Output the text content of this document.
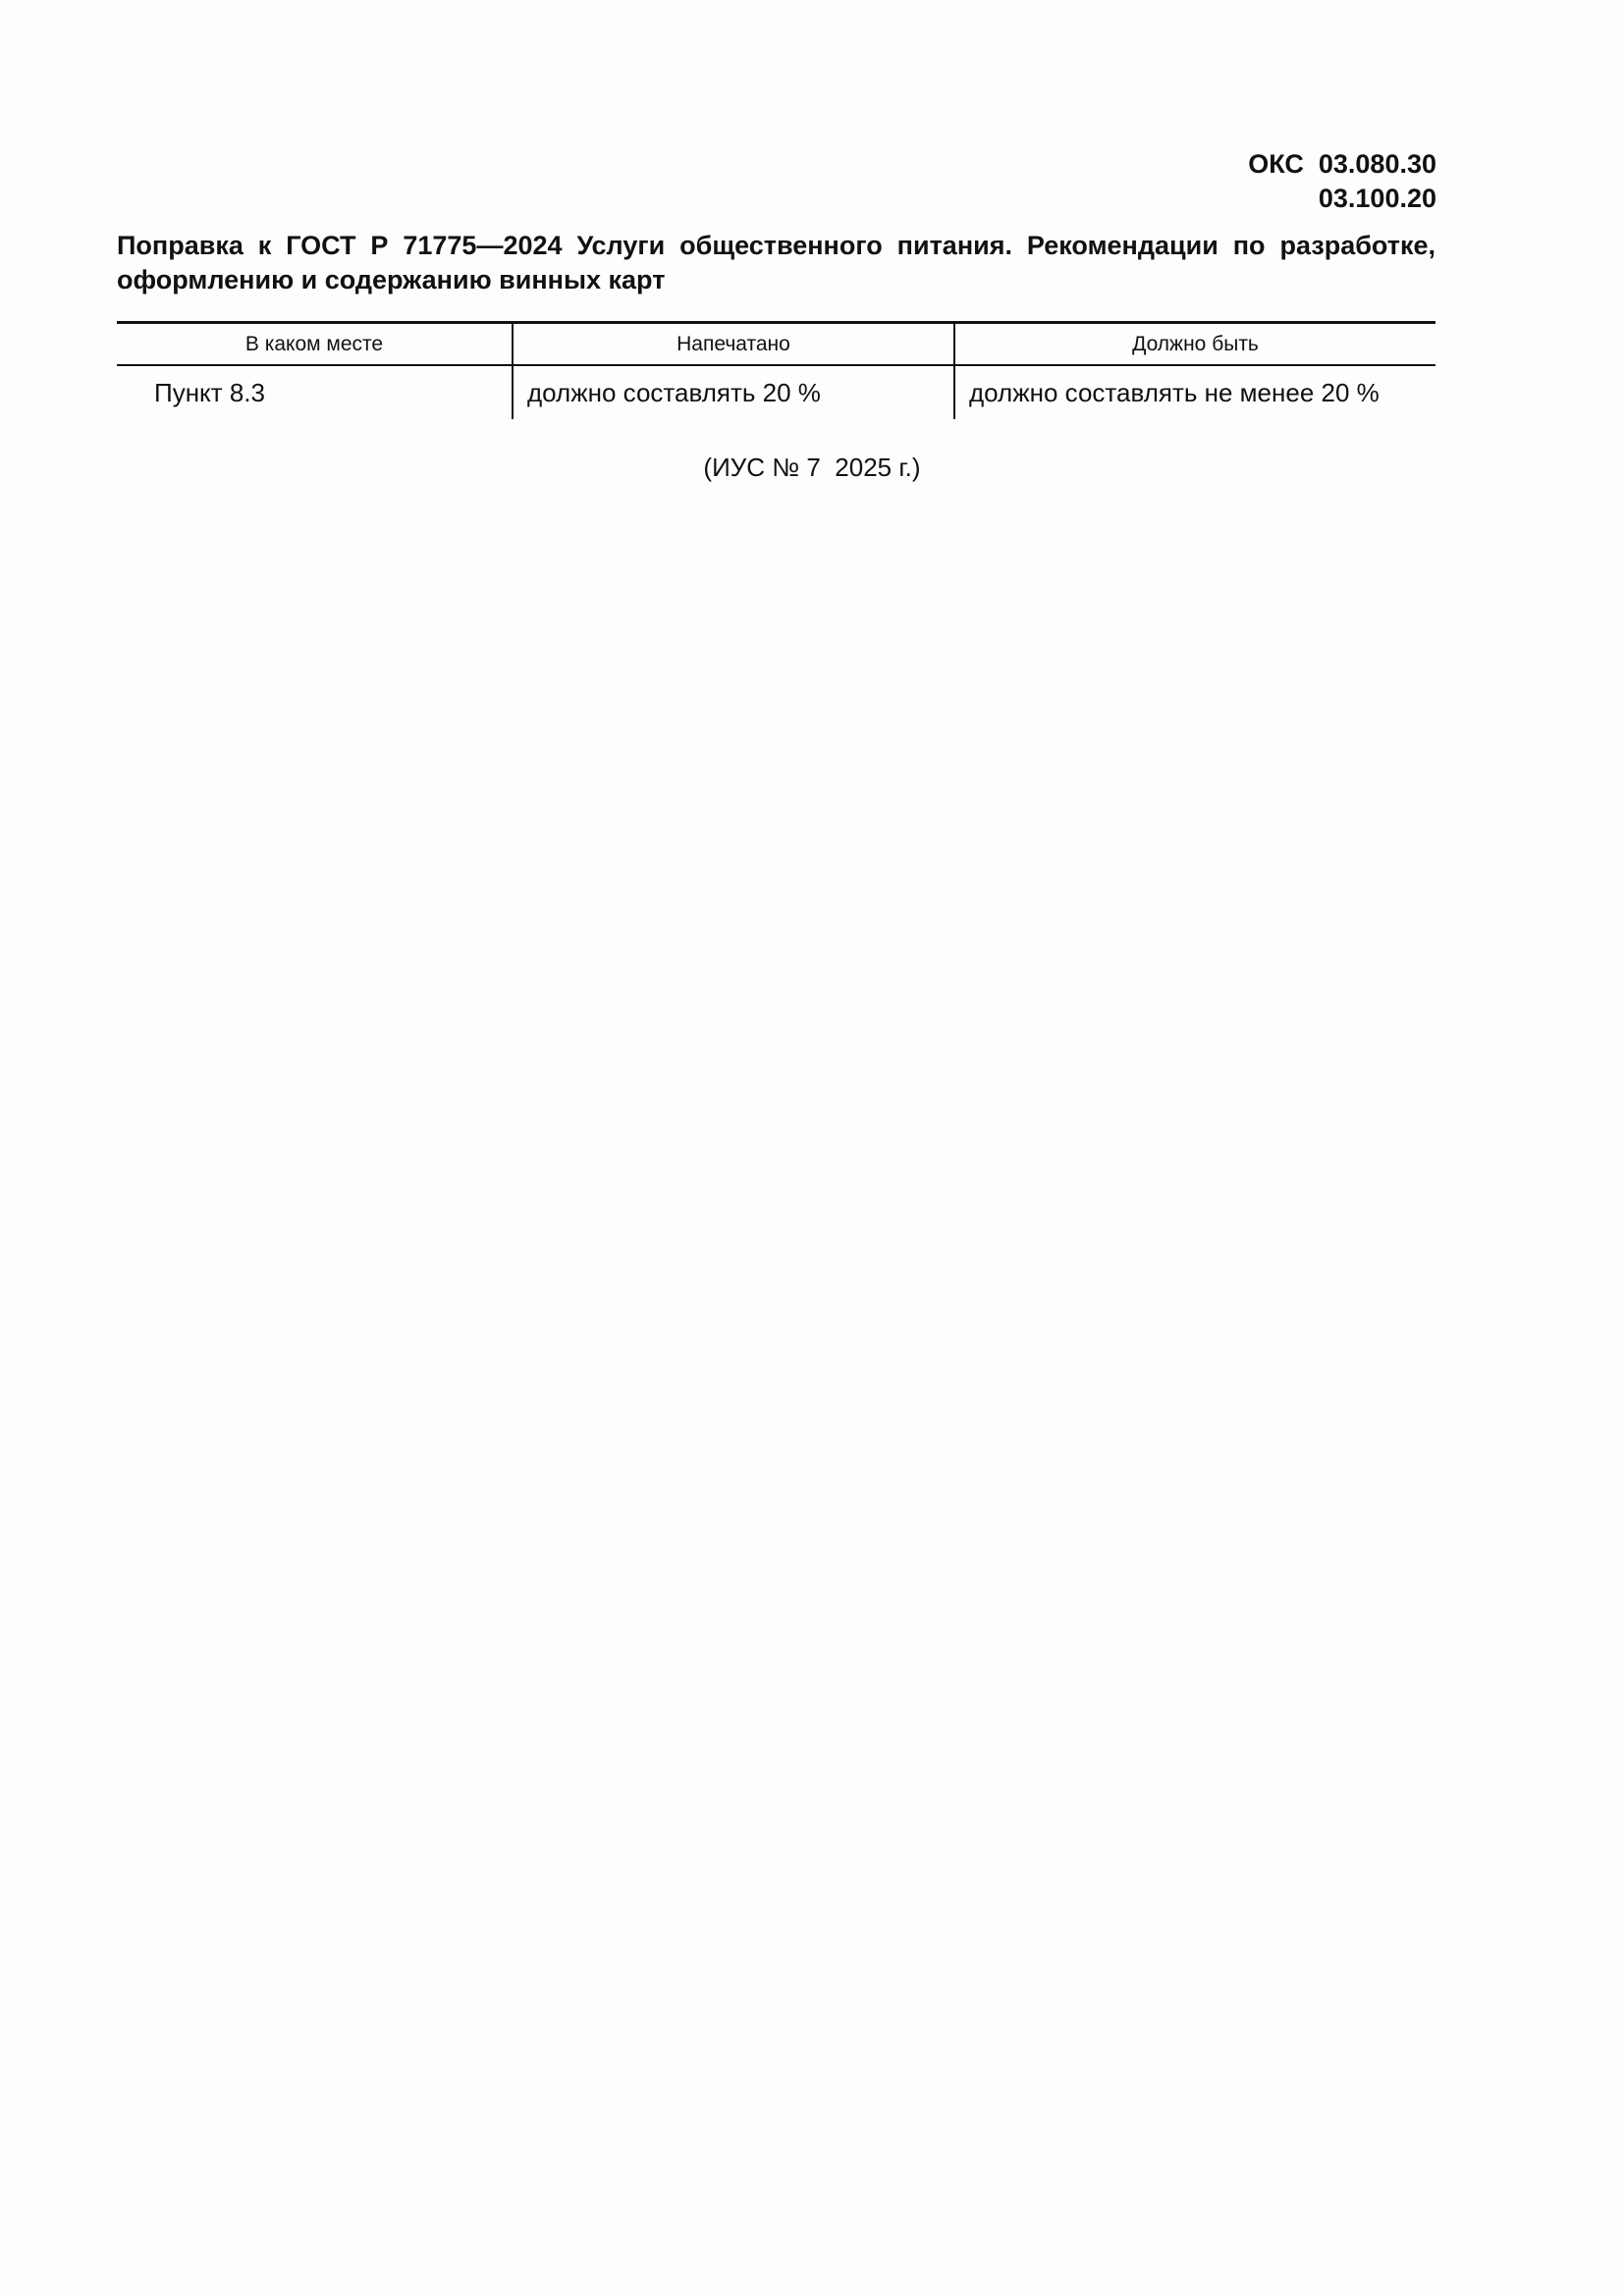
ОКС  03.080.30
03.100.20
Поправка к ГОСТ Р 71775—2024 Услуги общественного питания. Рекомендации по разработке, оформлению и содержанию винных карт
В каком месте	Напечатано	Должно быть
Пункт 8.3	должно составлять 20 %	должно составлять не менее 20 %
(ИУС № 7  2025 г.)
